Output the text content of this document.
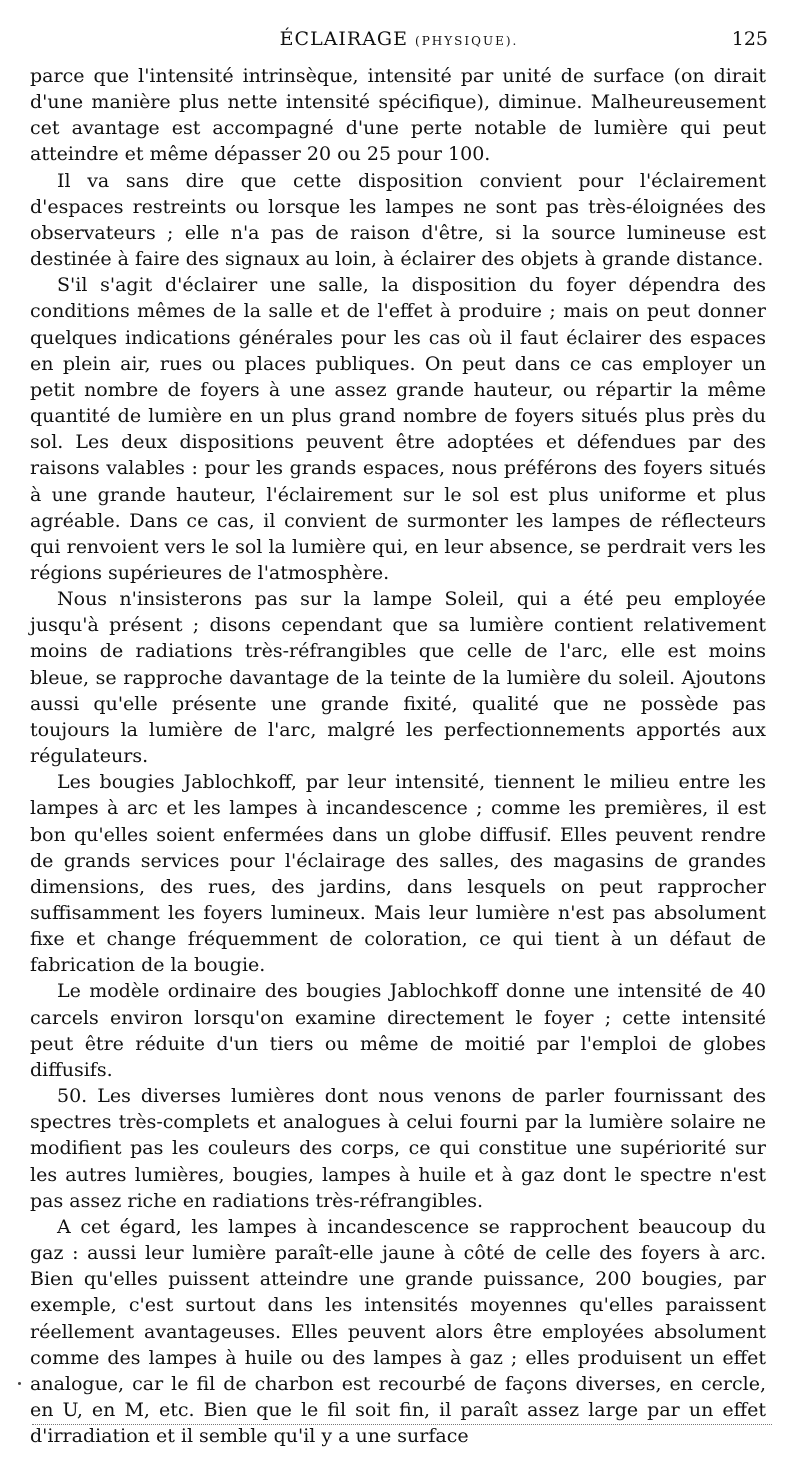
ÉCLAIRAGE (PHYSIQUE).	125

parce que l'intensité intrinsèque, intensité par unité de surface (on dirait d'une manière plus nette intensité spécifique), diminue. Malheureusement cet avantage est accompagné d'une perte notable de lumière qui peut atteindre et même dépasser 20 ou 25 pour 100.

Il va sans dire que cette disposition convient pour l'éclairement d'espaces restreints ou lorsque les lampes ne sont pas très-éloignées des observateurs ; elle n'a pas de raison d'être, si la source lumineuse est destinée à faire des signaux au loin, à éclairer des objets à grande distance.

S'il s'agit d'éclairer une salle, la disposition du foyer dépendra des conditions mêmes de la salle et de l'effet à produire ; mais on peut donner quelques indications générales pour les cas où il faut éclairer des espaces en plein air, rues ou places publiques. On peut dans ce cas employer un petit nombre de foyers à une assez grande hauteur, ou répartir la même quantité de lumière en un plus grand nombre de foyers situés plus près du sol. Les deux dispositions peuvent être adoptées et défendues par des raisons valables : pour les grands espaces, nous préférons des foyers situés à une grande hauteur, l'éclairement sur le sol est plus uniforme et plus agréable. Dans ce cas, il convient de surmonter les lampes de réflecteurs qui renvoient vers le sol la lumière qui, en leur absence, se perdrait vers les régions supérieures de l'atmosphère.

Nous n'insisterons pas sur la lampe Soleil, qui a été peu employée jusqu'à présent ; disons cependant que sa lumière contient relativement moins de radiations très-réfrangibles que celle de l'arc, elle est moins bleue, se rapproche davantage de la teinte de la lumière du soleil. Ajoutons aussi qu'elle présente une grande fixité, qualité que ne possède pas toujours la lumière de l'arc, malgré les perfectionnements apportés aux régulateurs.

Les bougies Jablochkoff, par leur intensité, tiennent le milieu entre les lampes à arc et les lampes à incandescence ; comme les premières, il est bon qu'elles soient enfermées dans un globe diffusif. Elles peuvent rendre de grands services pour l'éclairage des salles, des magasins de grandes dimensions, des rues, des jardins, dans lesquels on peut rapprocher suffisamment les foyers lumineux. Mais leur lumière n'est pas absolument fixe et change fréquemment de coloration, ce qui tient à un défaut de fabrication de la bougie.

Le modèle ordinaire des bougies Jablochkoff donne une intensité de 40 carcels environ lorsqu'on examine directement le foyer ; cette intensité peut être réduite d'un tiers ou même de moitié par l'emploi de globes diffusifs.

50. Les diverses lumières dont nous venons de parler fournissant des spectres très-complets et analogues à celui fourni par la lumière solaire ne modifient pas les couleurs des corps, ce qui constitue une supériorité sur les autres lumières, bougies, lampes à huile et à gaz dont le spectre n'est pas assez riche en radiations très-réfrangibles.

A cet égard, les lampes à incandescence se rapprochent beaucoup du gaz : aussi leur lumière paraît-elle jaune à côté de celle des foyers à arc. Bien qu'elles puissent atteindre une grande puissance, 200 bougies, par exemple, c'est surtout dans les intensités moyennes qu'elles paraissent réellement avantageuses. Elles peuvent alors être employées absolument comme des lampes à huile ou des lampes à gaz ; elles produisent un effet analogue, car le fil de charbon est recourbé de façons diverses, en cercle, en U, en M, etc. Bien que le fil soit fin, il paraît assez large par un effet d'irradiation et il semble qu'il y a une surface
